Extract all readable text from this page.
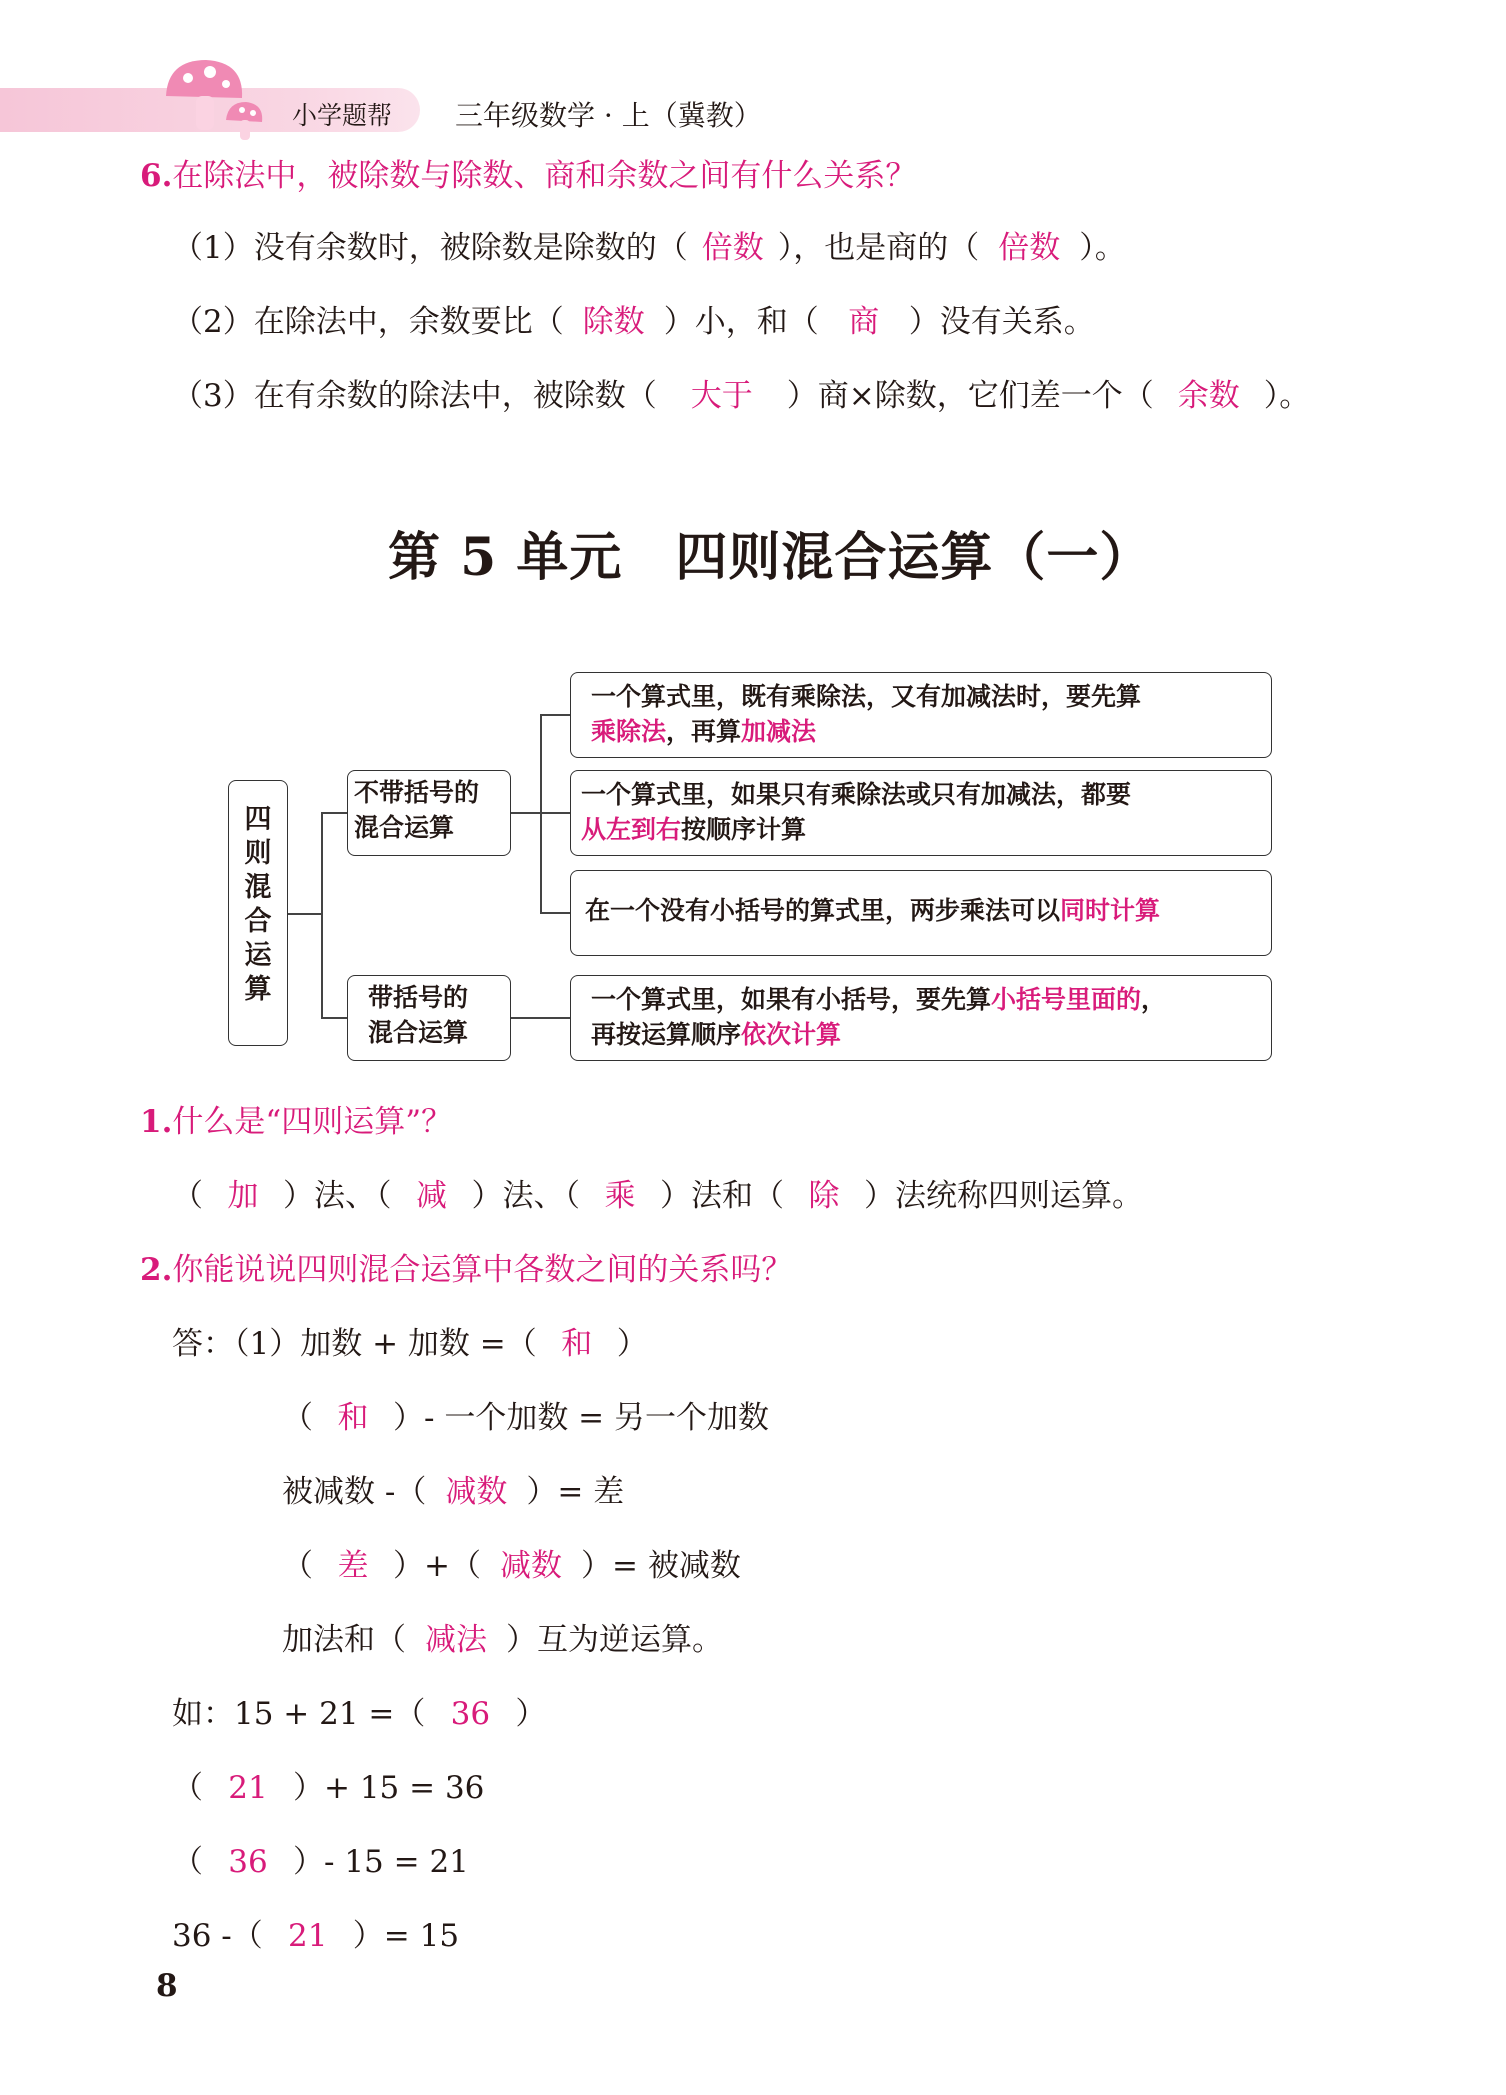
小学题帮 三年级数学 · 上（冀教）
6.在除法中，被除数与除数、商和余数之间有什么关系？
（1）没有余数时，被除数是除数的（ 倍数 ），也是商的（ 倍数 ）。
（2）在除法中，余数要比（ 除数 ）小，和（ 商 ）没有关系。
（3）在有余数的除法中，被除数（ 大于 ）商×除数，它们差一个（ 余数 ）。
第 5 单元　四则混合运算（一）
四则混合运算
不带括号的
混合运算
带括号的
混合运算
一个算式里，既有乘除法，又有加减法时，要先算
乘除法，再算加减法
一个算式里，如果只有乘除法或只有加减法，都要
从左到右按顺序计算
在一个没有小括号的算式里，两步乘法可以同时计算
一个算式里，如果有小括号，要先算小括号里面的，
再按运算顺序依次计算
1.什么是“四则运算”？
（ 加 ）法、（ 减 ）法、（ 乘 ）法和（ 除 ）法统称四则运算。
2.你能说说四则混合运算中各数之间的关系吗？
答：（1）加数 + 加数 =（ 和 ）
（ 和 ）- 一个加数 = 另一个加数
被减数 -（ 减数 ）= 差
（ 差 ）+（ 减数 ）= 被减数
加法和（ 减法 ）互为逆运算。
如：15 + 21 =（ 36 ）
（ 21 ）+ 15 = 36
（ 36 ）- 15 = 21
36 -（ 21 ）= 15
8
